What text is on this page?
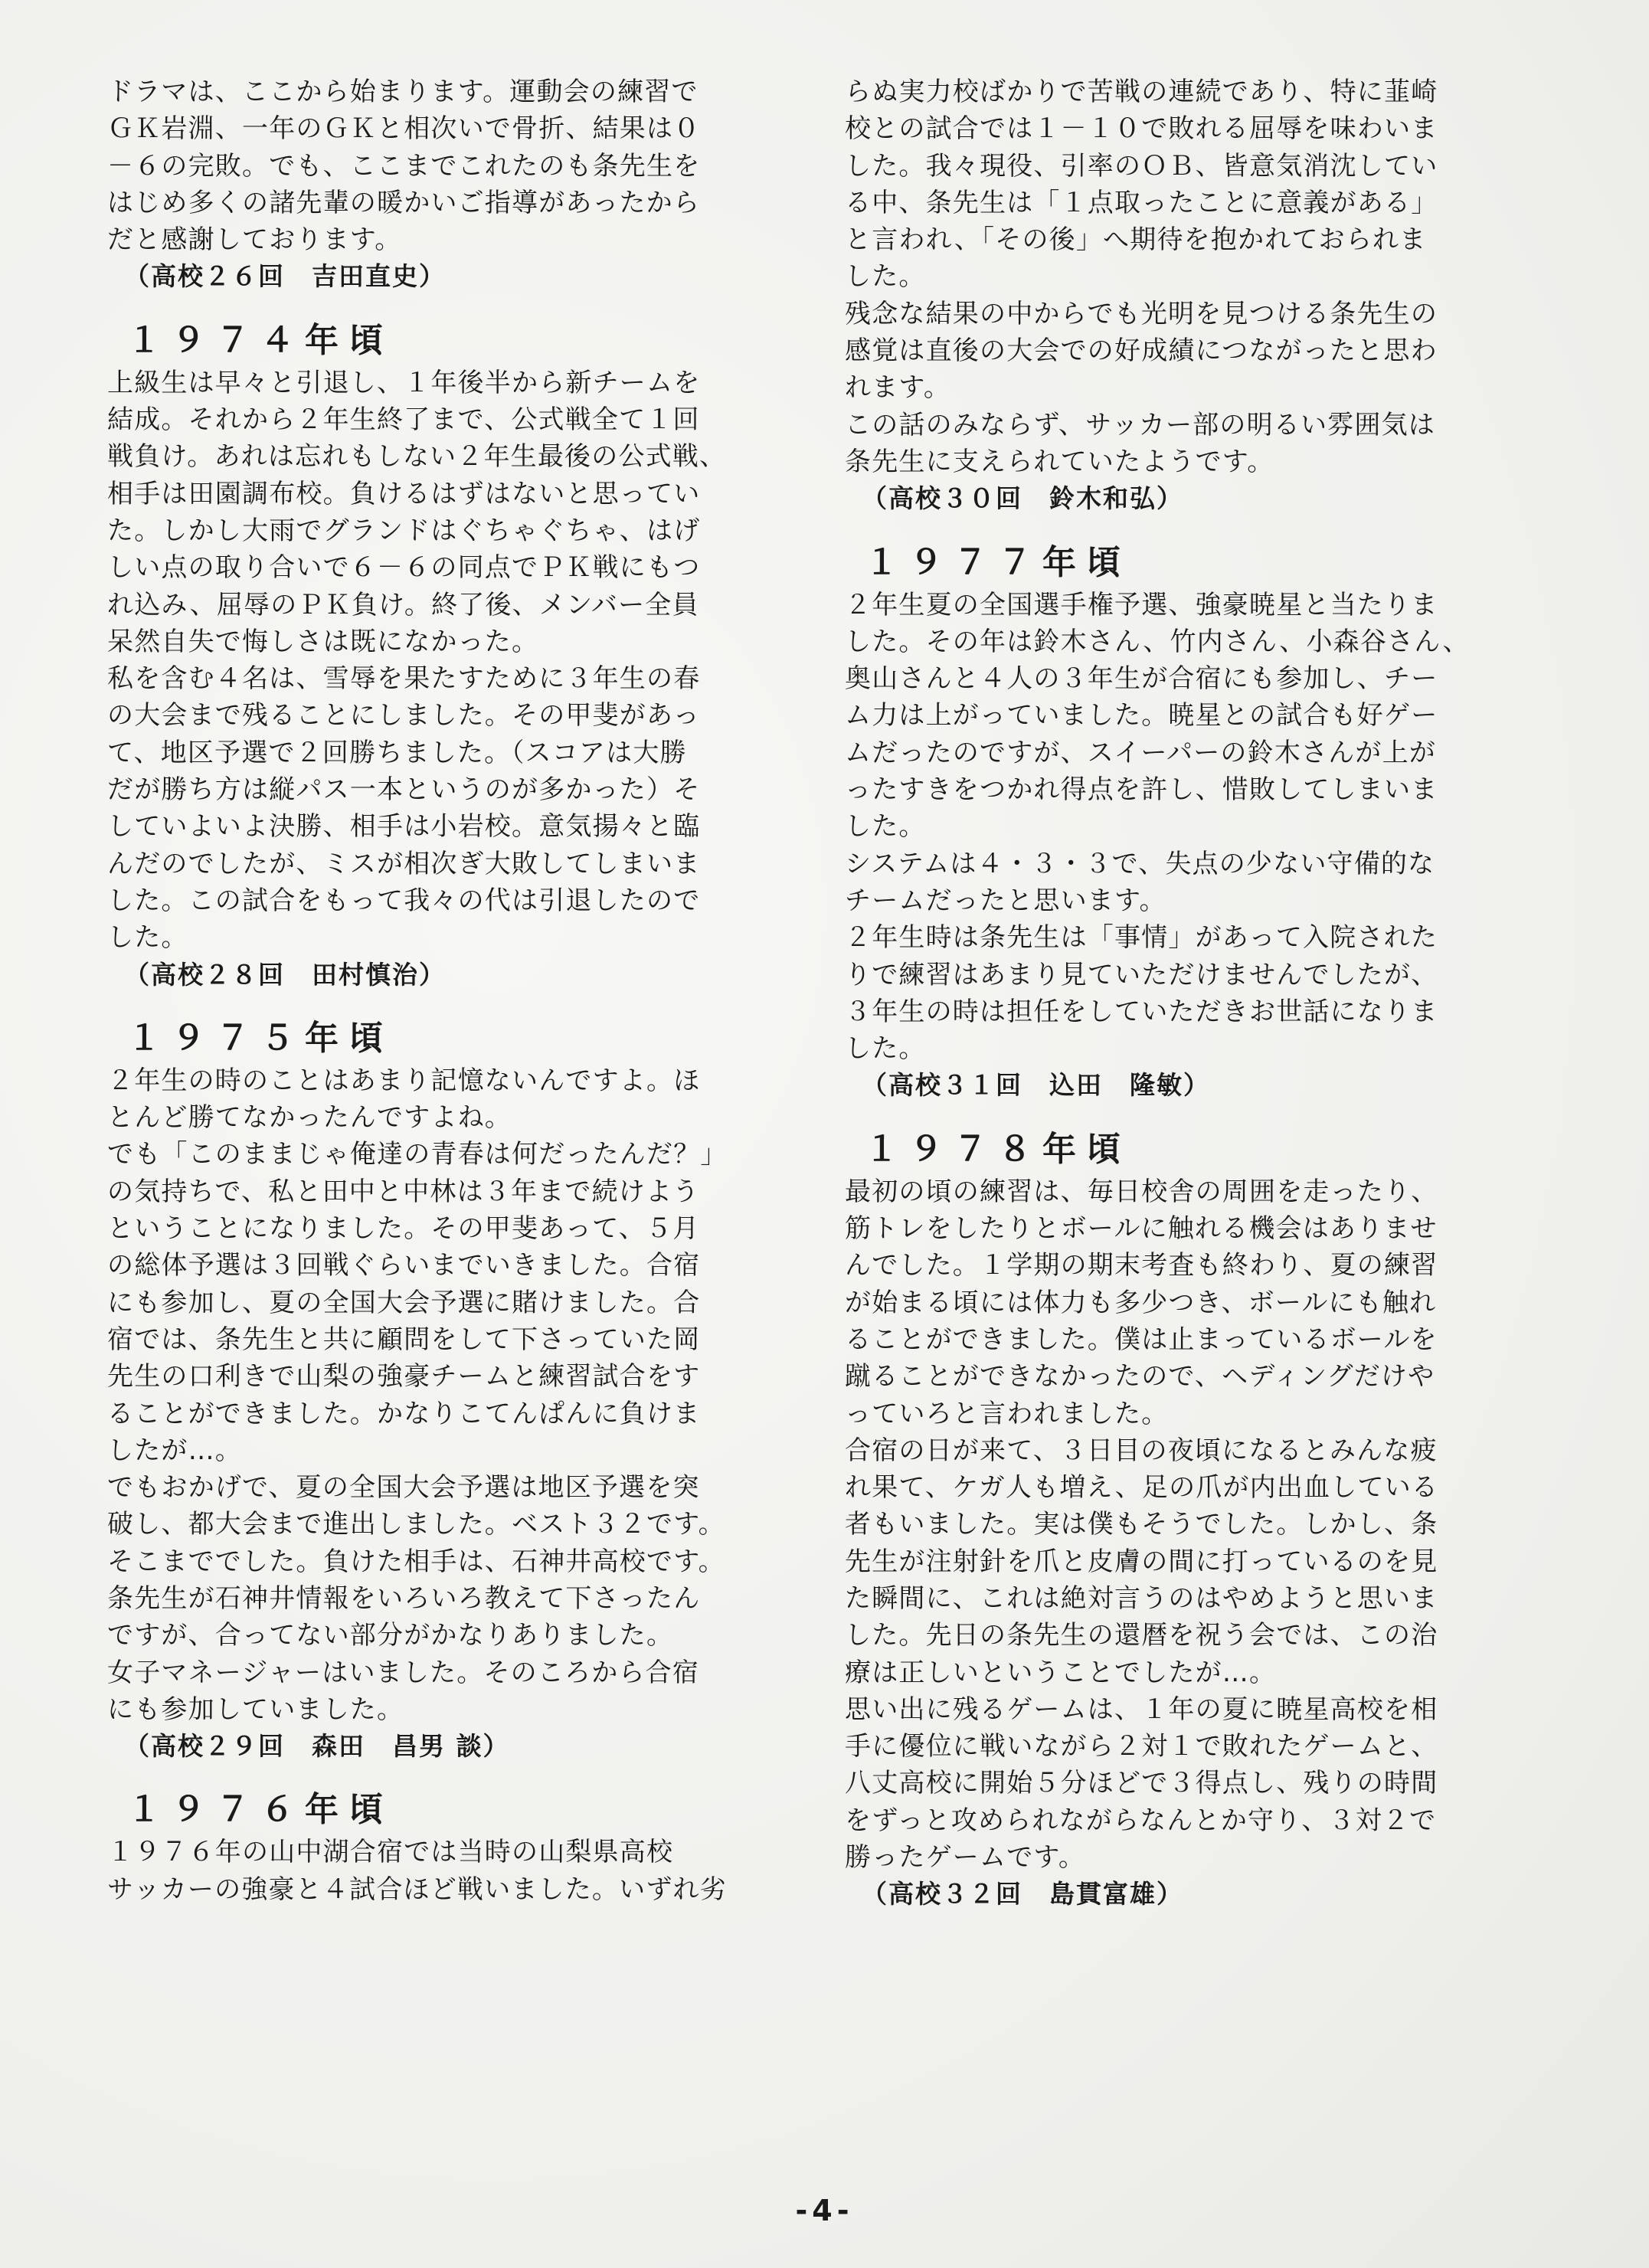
ドラマは、ここから始まります。運動会の練習で
ＧＫ岩淵、一年のＧＫと相次いで骨折、結果は０
－６の完敗。でも、ここまでこれたのも条先生を
はじめ多くの諸先輩の暖かいご指導があったから
だと感謝しております。

（高校２６回　吉田直史）

１９７４年頃

上級生は早々と引退し、１年後半から新チームを
結成。それから２年生終了まで、公式戦全て１回
戦負け。あれは忘れもしない２年生最後の公式戦、
相手は田園調布校。負けるはずはないと思ってい
た。しかし大雨でグランドはぐちゃぐちゃ、はげ
しい点の取り合いで６－６の同点でＰＫ戦にもつ
れ込み、屈辱のＰＫ負け。終了後、メンバー全員
呆然自失で悔しさは既になかった。

私を含む４名は、雪辱を果たすために３年生の春
の大会まで残ることにしました。その甲斐があっ
て、地区予選で２回勝ちました。（スコアは大勝
だが勝ち方は縦パス一本というのが多かった）そ
していよいよ決勝、相手は小岩校。意気揚々と臨
んだのでしたが、ミスが相次ぎ大敗してしまいま
した。この試合をもって我々の代は引退したので
した。

（高校２８回　田村慎治）

１９７５年頃

２年生の時のことはあまり記憶ないんですよ。ほ
とんど勝てなかったんですよね。

でも「このままじゃ俺達の青春は何だったんだ？」
の気持ちで、私と田中と中林は３年まで続けよう
ということになりました。その甲斐あって、５月
の総体予選は３回戦ぐらいまでいきました。合宿
にも参加し、夏の全国大会予選に賭けました。合
宿では、条先生と共に顧問をして下さっていた岡
先生の口利きで山梨の強豪チームと練習試合をす
ることができました。かなりこてんぱんに負けま
したが…。

でもおかげで、夏の全国大会予選は地区予選を突
破し、都大会まで進出しました。ベスト３２です。
そこまででした。負けた相手は、石神井高校です。
条先生が石神井情報をいろいろ教えて下さったん
ですが、合ってない部分がかなりありました。

女子マネージャーはいました。そのころから合宿
にも参加していました。

（高校２９回　森田　昌男 談）

１９７６年頃

１９７６年の山中湖合宿では当時の山梨県高校
サッカーの強豪と４試合ほど戦いました。いずれ劣

らぬ実力校ばかりで苦戦の連続であり、特に韮崎
校との試合では１－１０で敗れる屈辱を味わいま
した。我々現役、引率のＯＢ、皆意気消沈してい
る中、条先生は「１点取ったことに意義がある」
と言われ、「その後」へ期待を抱かれておられま
した。

残念な結果の中からでも光明を見つける条先生の
感覚は直後の大会での好成績につながったと思わ
れます。

この話のみならず、サッカー部の明るい雰囲気は
条先生に支えられていたようです。

（高校３０回　鈴木和弘）

１９７７年頃

２年生夏の全国選手権予選、強豪暁星と当たりま
した。その年は鈴木さん、竹内さん、小森谷さん、
奥山さんと４人の３年生が合宿にも参加し、チー
ム力は上がっていました。暁星との試合も好ゲー
ムだったのですが、スイーパーの鈴木さんが上が
ったすきをつかれ得点を許し、惜敗してしまいま
した。

システムは４・３・３で、失点の少ない守備的な
チームだったと思います。

２年生時は条先生は「事情」があって入院された
りで練習はあまり見ていただけませんでしたが、
３年生の時は担任をしていただきお世話になりま
した。

（高校３１回　込田　隆敏）

１９７８年頃

最初の頃の練習は、毎日校舎の周囲を走ったり、
筋トレをしたりとボールに触れる機会はありませ
んでした。１学期の期末考査も終わり、夏の練習
が始まる頃には体力も多少つき、ボールにも触れ
ることができました。僕は止まっているボールを
蹴ることができなかったので、ヘディングだけや
っていろと言われました。

合宿の日が来て、３日目の夜頃になるとみんな疲
れ果て、ケガ人も増え、足の爪が内出血している
者もいました。実は僕もそうでした。しかし、条
先生が注射針を爪と皮膚の間に打っているのを見
た瞬間に、これは絶対言うのはやめようと思いま
した。先日の条先生の還暦を祝う会では、この治
療は正しいということでしたが…。

思い出に残るゲームは、１年の夏に暁星高校を相
手に優位に戦いながら２対１で敗れたゲームと、
八丈高校に開始５分ほどで３得点し、残りの時間
をずっと攻められながらなんとか守り、３対２で
勝ったゲームです。

（高校３２回　島貫富雄）

-4-
